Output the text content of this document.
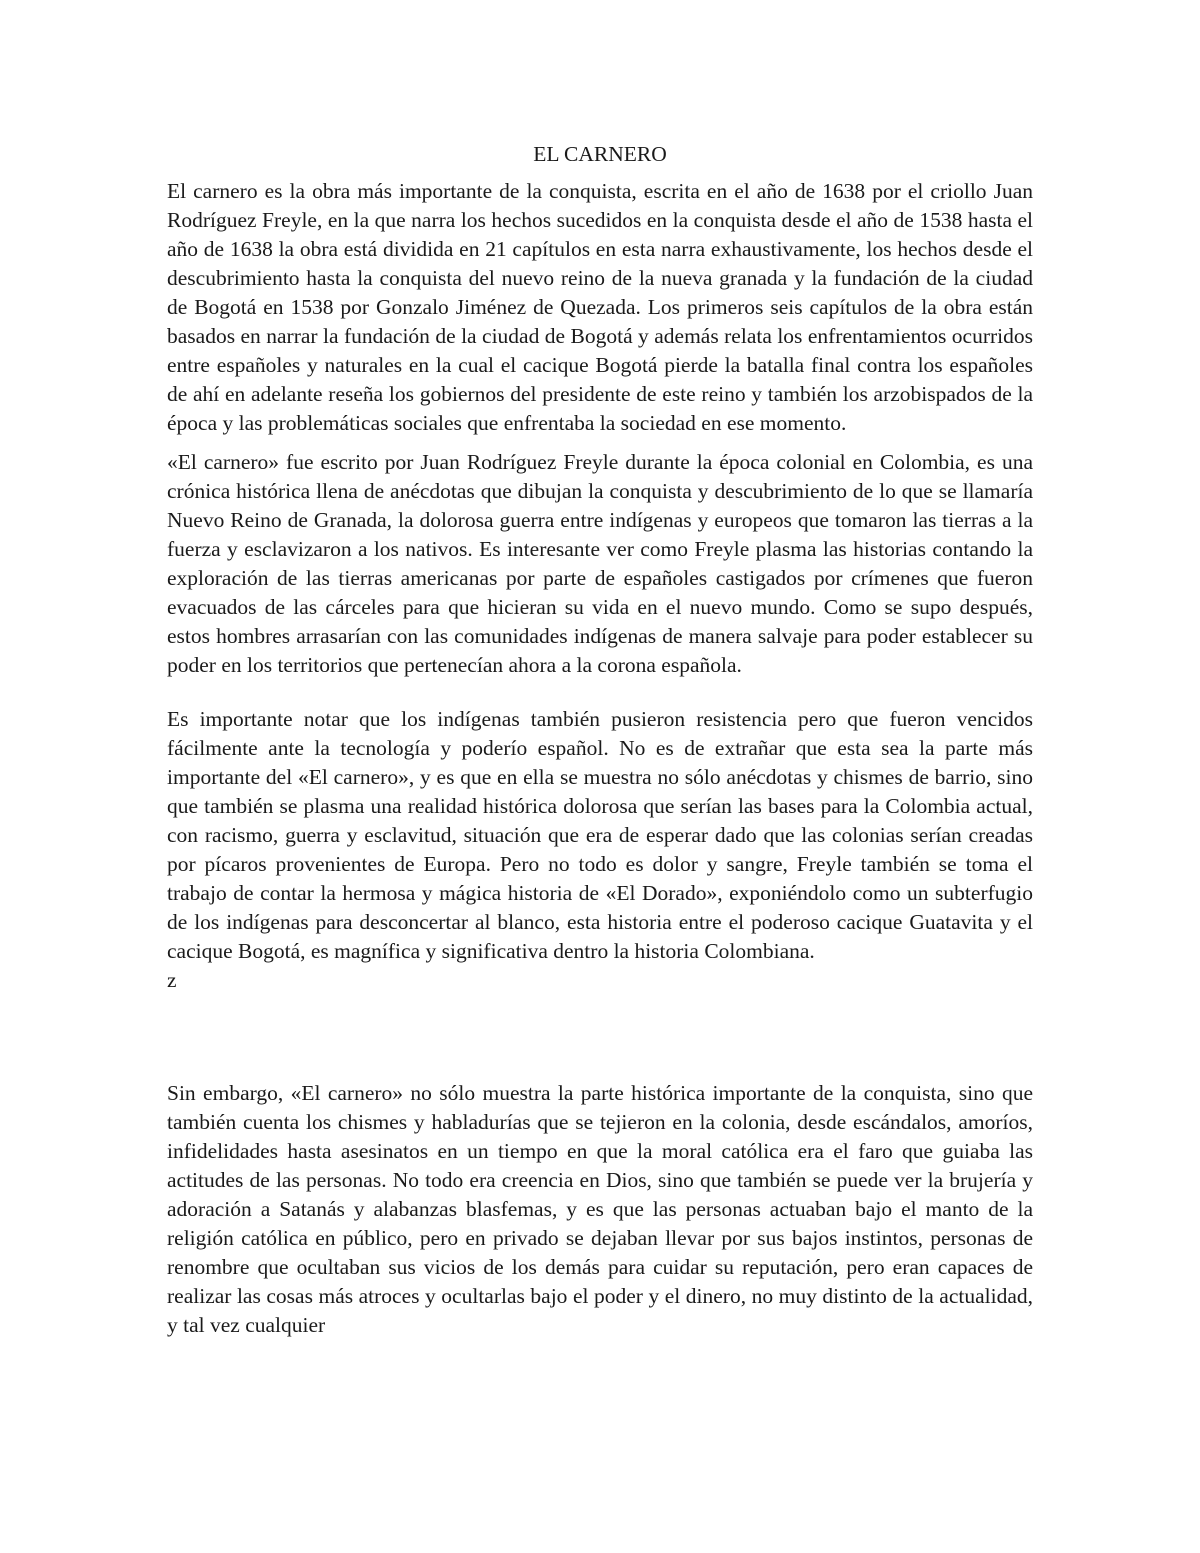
EL CARNERO

El carnero es la obra más importante de la conquista, escrita en el año de 1638 por el criollo Juan Rodríguez Freyle, en la que narra los hechos sucedidos en la conquista desde el año de 1538 hasta el año de 1638 la obra está dividida en 21 capítulos en esta narra exhaustivamente, los hechos desde el descubrimiento hasta la conquista del nuevo reino de la nueva granada y la fundación de la ciudad de Bogotá en 1538 por Gonzalo Jiménez de Quezada. Los primeros seis capítulos de la obra están basados en narrar la fundación de la ciudad de Bogotá y además relata los enfrentamientos ocurridos entre españoles y naturales en la cual el cacique Bogotá pierde la batalla final contra los españoles de ahí en adelante reseña los gobiernos del presidente de este reino y también los arzobispados de la época y las problemáticas sociales que enfrentaba la sociedad en ese momento.

«El carnero» fue escrito por Juan Rodríguez Freyle durante la época colonial en Colombia, es una crónica histórica llena de anécdotas que dibujan la conquista y descubrimiento de lo que se llamaría Nuevo Reino de Granada, la dolorosa guerra entre indígenas y europeos que tomaron las tierras a la fuerza y esclavizaron a los nativos. Es interesante ver como Freyle plasma las historias contando la exploración de las tierras americanas por parte de españoles castigados por crímenes que fueron evacuados de las cárceles para que hicieran su vida en el nuevo mundo. Como se supo después, estos hombres arrasarían con las comunidades indígenas de manera salvaje para poder establecer su poder en los territorios que pertenecían ahora a la corona española.

Es importante notar que los indígenas también pusieron resistencia pero que fueron vencidos fácilmente ante la tecnología y poderío español. No es de extrañar que esta sea la parte más importante del «El carnero», y es que en ella se muestra no sólo anécdotas y chismes de barrio, sino que también se plasma una realidad histórica dolorosa que serían las bases para la Colombia actual, con racismo, guerra y esclavitud, situación que era de esperar dado que las colonias serían creadas por pícaros provenientes de Europa. Pero no todo es dolor y sangre, Freyle también se toma el trabajo de contar la hermosa y mágica historia de «El Dorado», exponiéndolo como un subterfugio de los indígenas para desconcertar al blanco, esta historia entre el poderoso cacique Guatavita y el cacique Bogotá, es magnífica y significativa dentro la historia Colombiana.

z

Sin embargo, «El carnero» no sólo muestra la parte histórica importante de la conquista, sino que también cuenta los chismes y habladurías que se tejieron en la colonia, desde escándalos, amoríos, infidelidades hasta asesinatos en un tiempo en que la moral católica era el faro que guiaba las actitudes de las personas. No todo era creencia en Dios, sino que también se puede ver la brujería y adoración a Satanás y alabanzas blasfemas, y es que las personas actuaban bajo el manto de la religión católica en público, pero en privado se dejaban llevar por sus bajos instintos, personas de renombre que ocultaban sus vicios de los demás para cuidar su reputación, pero eran capaces de realizar las cosas más atroces y ocultarlas bajo el poder y el dinero, no muy distinto de la actualidad, y tal vez cualquier
